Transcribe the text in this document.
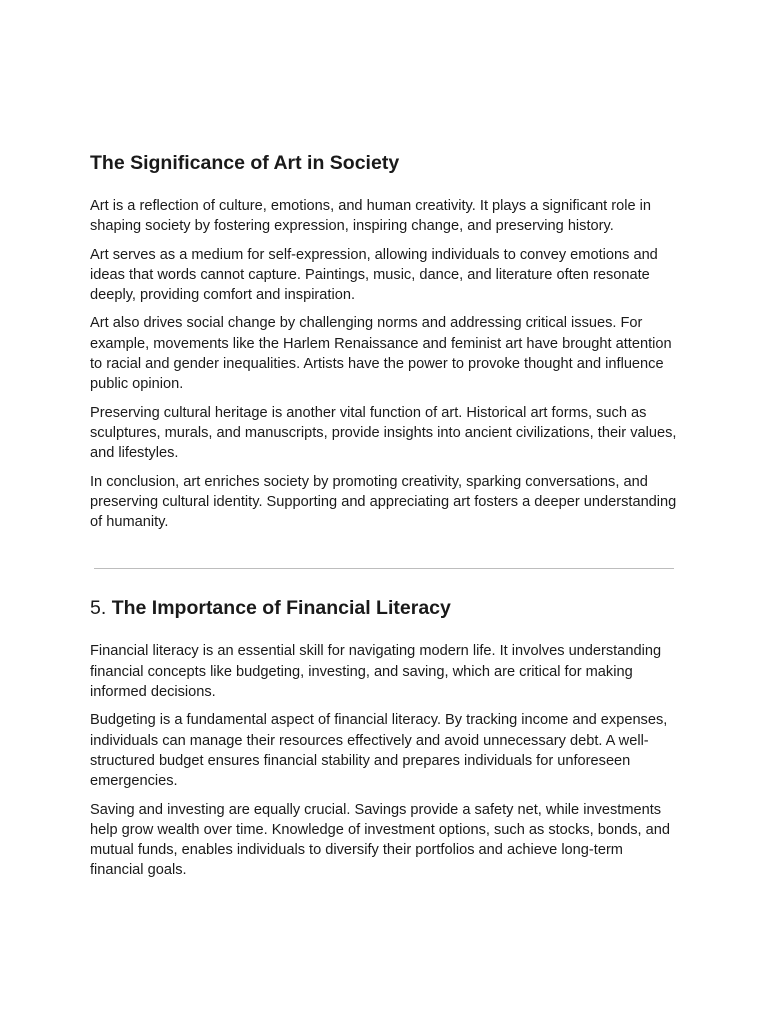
The Significance of Art in Society

Art is a reflection of culture, emotions, and human creativity. It plays a significant role in shaping society by fostering expression, inspiring change, and preserving history.

Art serves as a medium for self-expression, allowing individuals to convey emotions and ideas that words cannot capture. Paintings, music, dance, and literature often resonate deeply, providing comfort and inspiration.

Art also drives social change by challenging norms and addressing critical issues. For example, movements like the Harlem Renaissance and feminist art have brought attention to racial and gender inequalities. Artists have the power to provoke thought and influence public opinion.

Preserving cultural heritage is another vital function of art. Historical art forms, such as sculptures, murals, and manuscripts, provide insights into ancient civilizations, their values, and lifestyles.

In conclusion, art enriches society by promoting creativity, sparking conversations, and preserving cultural identity. Supporting and appreciating art fosters a deeper understanding of humanity.

5. The Importance of Financial Literacy

Financial literacy is an essential skill for navigating modern life. It involves understanding financial concepts like budgeting, investing, and saving, which are critical for making informed decisions.

Budgeting is a fundamental aspect of financial literacy. By tracking income and expenses, individuals can manage their resources effectively and avoid unnecessary debt. A well-structured budget ensures financial stability and prepares individuals for unforeseen emergencies.

Saving and investing are equally crucial. Savings provide a safety net, while investments help grow wealth over time. Knowledge of investment options, such as stocks, bonds, and mutual funds, enables individuals to diversify their portfolios and achieve long-term financial goals.
